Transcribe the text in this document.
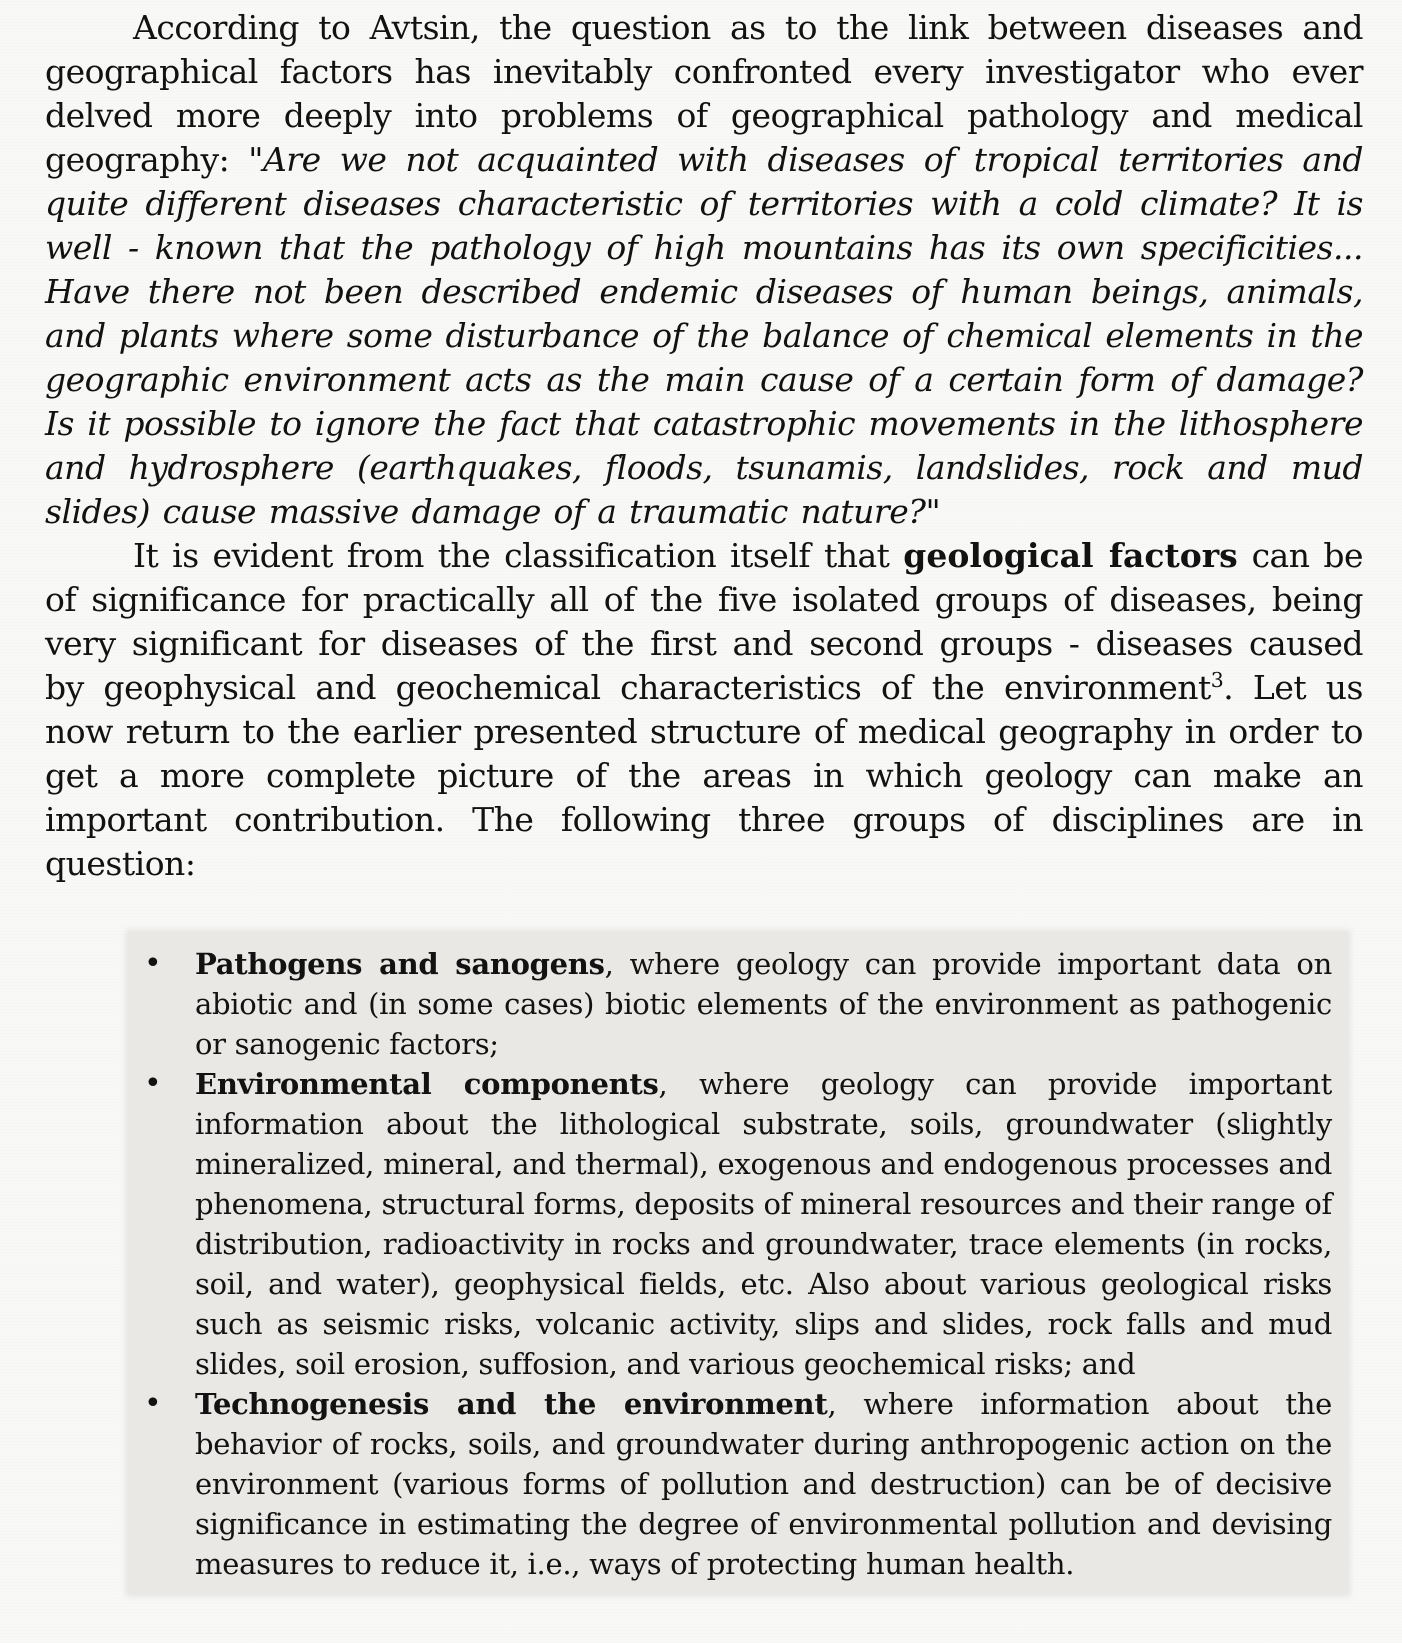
According to Avtsin, the question as to the link between diseases and geographical factors has inevitably confronted every investigator who ever delved more deeply into problems of geographical pathology and medical geography: "Are we not acquainted with diseases of tropical territories and quite different diseases characteristic of territories with a cold climate? It is well - known that the pathology of high mountains has its own specificities... Have there not been described endemic diseases of human beings, animals, and plants where some disturbance of the balance of chemical elements in the geographic environment acts as the main cause of a certain form of damage? Is it possible to ignore the fact that catastrophic movements in the lithosphere and hydrosphere (earthquakes, floods, tsunamis, landslides, rock and mud slides) cause massive damage of a traumatic nature?"

It is evident from the classification itself that geological factors can be of significance for practically all of the five isolated groups of diseases, being very significant for diseases of the first and second groups - diseases caused by geophysical and geochemical characteristics of the environment$^3$. Let us now return to the earlier presented structure of medical geography in order to get a more complete picture of the areas in which geology can make an important contribution. The following three groups of disciplines are in question:

•	Pathogens and sanogens, where geology can provide important data on abiotic and (in some cases) biotic elements of the environment as pathogenic or sanogenic factors;
•	Environmental components, where geology can provide important information about the lithological substrate, soils, groundwater (slightly mineralized, mineral, and thermal), exogenous and endogenous processes and phenomena, structural forms, deposits of mineral resources and their range of distribution, radioactivity in rocks and groundwater, trace elements (in rocks, soil, and water), geophysical fields, etc. Also about various geological risks such as seismic risks, volcanic activity, slips and slides, rock falls and mud slides, soil erosion, suffosion, and various geochemical risks; and
•	Technogenesis and the environment, where information about the behavior of rocks, soils, and groundwater during anthropogenic action on the environment (various forms of pollution and destruction) can be of decisive significance in estimating the degree of environmental pollution and devising measures to reduce it, i.e., ways of protecting human health.
